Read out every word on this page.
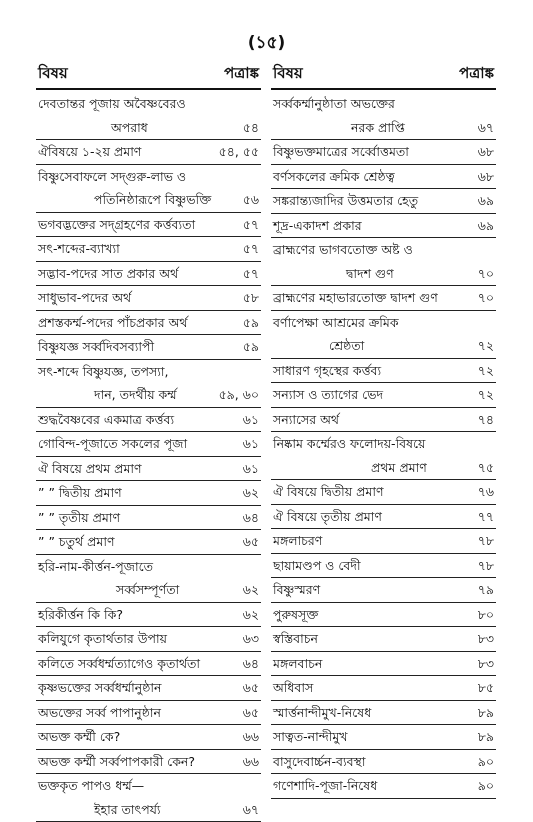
(১৫)
বিষয়	পত্রাঙ্ক
দেবতান্তর পূজায় অবৈষ্ণবেরও
অপরাধ	৫৪
ঐবিষয়ে ১-২য় প্রমাণ	৫৪, ৫৫
বিষ্ণুসেবাফলে সদ্গুরু-লাভ ও
পতিনিষ্ঠারূপে বিষ্ণুভক্তি	৫৬
ভগবদ্ভক্তের সদ্গ্রহণের কর্ত্তব্যতা	৫৭
সৎ-শব্দের-ব্যাখ্যা	৫৭
সদ্ভাব-পদের সাত প্রকার অর্থ	৫৭
সাধুভাব-পদের অর্থ	৫৮
প্রশস্তকর্ম্ম-পদের পাঁচপ্রকার অর্থ	৫৯
বিষ্ণুযজ্ঞ সর্ব্বদিবসব্যাপী	৫৯
সৎ-শব্দে বিষ্ণুযজ্ঞ, তপস্যা,
দান, তদর্থীয় কর্ম্ম	৫৯, ৬০
শুদ্ধবৈষ্ণবের একমাত্র কর্ত্তব্য	৬১
গোবিন্দ-পূজাতে সকলের পূজা	৬১
ঐ বিষয়ে প্রথম প্রমাণ	৬১
” ” দ্বিতীয় প্রমাণ	৬২
” ” তৃতীয় প্রমাণ	৬৪
” ” চতুর্থ প্রমাণ	৬৫
হরি-নাম-কীর্ত্তন-পূজাতে
সর্ব্বসম্পূর্ণতা	৬২
হরিকীর্ত্তন কি কি?	৬২
কলিযুগে কৃতার্থতার উপায়	৬৩
কলিতে সর্ব্বধর্ম্মত্যাগেও কৃতার্থতা	৬৪
কৃষ্ণভক্তের সর্ব্বধর্ম্মানুষ্ঠান	৬৫
অভক্তের সর্ব্ব পাপানুষ্ঠান	৬৫
অভক্ত কর্ম্মী কে?	৬৬
অভক্ত কর্ম্মী সর্ব্বপাপকারী কেন?	৬৬
ভক্তকৃত পাপও ধর্ম্ম—
ইহার তাৎপর্য্য	৬৭
বিষয়	পত্রাঙ্ক
সর্ব্বকর্ম্মানুষ্ঠাতা অভক্তের
নরক প্রাপ্তি	৬৭
বিষ্ণুভক্তমাত্রের সর্ব্বোত্তমতা	৬৮
বর্ণসকলের ক্রমিক শ্রেষ্ঠত্ব	৬৮
সঙ্করান্ত্যজাদির উত্তমতার হেতু	৬৯
শূদ্র-একাদশ প্রকার	৬৯
ব্রাহ্মণের ভাগবতোক্ত অষ্ট ও
দ্বাদশ গুণ	৭০
ব্রাহ্মণের মহাভারতোক্ত দ্বাদশ গুণ	৭০
বর্ণাপেক্ষা আশ্রমের ক্রমিক
শ্রেষ্ঠতা	৭২
সাধারণ গৃহস্থের কর্ত্তব্য	৭২
সন্যাস ও ত্যাগের ভেদ	৭২
সন্যাসের অর্থ	৭৪
নিষ্কাম কর্ম্মেরও ফলোদয়-বিষয়ে
প্রথম প্রমাণ	৭৫
ঐ বিষয়ে দ্বিতীয় প্রমাণ	৭৬
ঐ বিষয়ে তৃতীয় প্রমাণ	৭৭
মঙ্গলাচরণ	৭৮
ছায়ামণ্ডপ ও বেদী	৭৮
বিষ্ণুস্মরণ	৭৯
পুরুষসূক্ত	৮০
স্বস্তিবাচন	৮৩
মঙ্গলবাচন	৮৩
অধিবাস	৮৫
স্মার্ত্তনান্দীমুখ-নিষেধ	৮৯
সাত্বত-নান্দীমুখ	৮৯
বাসুদেবার্চ্চন-ব্যবস্থা	৯০
গণেশাদি-পূজা-নিষেধ	৯০
